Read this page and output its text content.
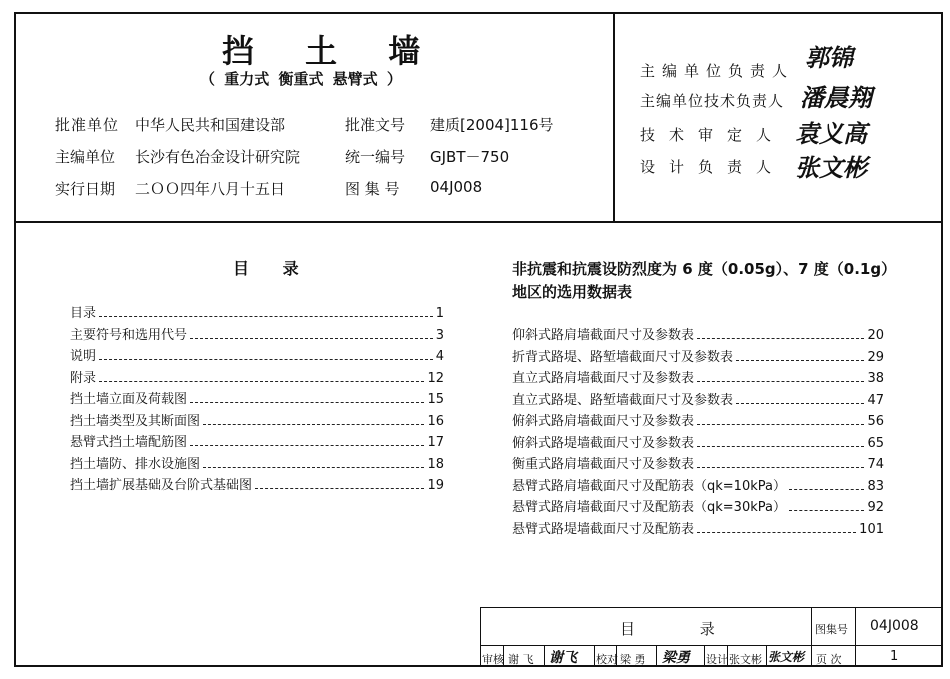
挡 土 墙
（ 重力式 衡重式 悬臂式 ）
批准单位 中华人民共和国建设部	批准文号 建质[2004]116号
主编单位 长沙有色冶金设计研究院	统一编号 GJBT－750
实行日期 二ＯＯ四年八月十五日	图 集 号 04J008
主编单位负责人 郭锦
主编单位技术负责人 潘晨翔
技术审定人 袁义高
设计负责人 张文彬
目 录
目录	1
主要符号和选用代号	3
说明	4
附录	12
挡土墙立面及荷载图	15
挡土墙类型及其断面图	16
悬臂式挡土墙配筋图	17
挡土墙防、排水设施图	18
挡土墙扩展基础及台阶式基础图	19
非抗震和抗震设防烈度为 6 度（0.05g）、7 度（0.1g）
地区的选用数据表
仰斜式路肩墙截面尺寸及参数表	20
折背式路堤、路堑墙截面尺寸及参数表	29
直立式路肩墙截面尺寸及参数表	38
直立式路堤、路堑墙截面尺寸及参数表	47
俯斜式路肩墙截面尺寸及参数表	56
俯斜式路堤墙截面尺寸及参数表	65
衡重式路肩墙截面尺寸及参数表	74
悬臂式路肩墙截面尺寸及配筋表（qk=10kPa）	83
悬臂式路肩墙截面尺寸及配筋表（qk=30kPa）	92
悬臂式路堤墙截面尺寸及配筋表	101
目 录	图集号 04J008
审核 谢 飞 谢飞 校对 梁 勇 梁勇 设计 张文彬 张文彬 页 次	1
